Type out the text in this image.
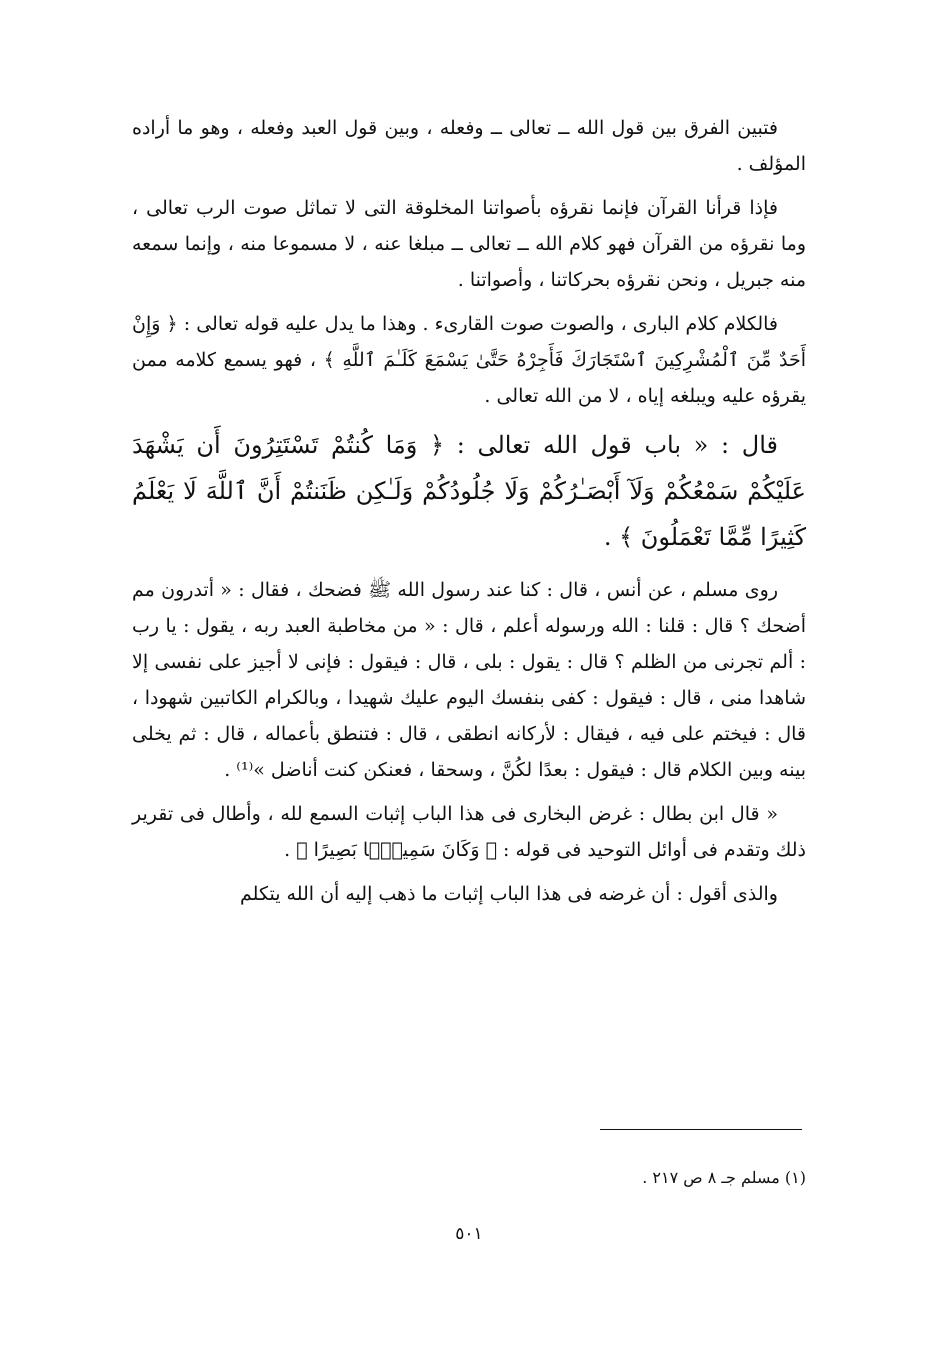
فتبين الفرق بين قول الله ــ تعالى ــ وفعله ، وبين قول العبد وفعله ، وهو ما أراده المؤلف .

فإذا قرأنا القرآن فإنما نقرؤه بأصواتنا المخلوقة التى لا تماثل صوت الرب تعالى ، وما نقرؤه من القرآن فهو كلام الله ــ تعالى ــ مبلغا عنه ، لا مسموعا منه ، وإنما سمعه منه جبريل ، ونحن نقرؤه بحركاتنا ، وأصواتنا .

فالكلام كلام البارى ، والصوت صوت القارىء . وهذا ما يدل عليه قوله تعالى : ﴿ وَإِنْ أَحَدٌ مِّنَ ٱلْمُشْرِكِينَ ٱسْتَجَارَكَ فَأَجِرْهُ حَتَّىٰ يَسْمَعَ كَلَـٰمَ ٱللَّهِ ﴾ ، فهو يسمع كلامه ممن يقرؤه عليه ويبلغه إياه ، لا من الله تعالى .

قال : « باب قول الله تعالى : ﴿ وَمَا كُنتُمْ تَسْتَتِرُونَ أَن يَشْهَدَ عَلَيْكُمْ سَمْعُكُمْ وَلَآ أَبْصَـٰرُكُمْ وَلَا جُلُودُكُمْ وَلَـٰكِن ظَنَنتُمْ أَنَّ ٱللَّهَ لَا يَعْلَمُ كَثِيرًا مِّمَّا تَعْمَلُونَ ﴾ .

روى مسلم ، عن أنس ، قال : كنا عند رسول الله ﷺ فضحك ، فقال : « أتدرون مم أضحك ؟ قال : قلنا : الله ورسوله أعلم ، قال : « من مخاطبة العبد ربه ، يقول : يا رب : ألم تجرنى من الظلم ؟ قال : يقول : بلى ، قال : فيقول : فإنى لا أجيز على نفسى إلا شاهدا منى ، قال : فيقول : كفى بنفسك اليوم عليك شهيدا ، وبالكرام الكاتبين شهودا ، قال : فيختم على فيه ، فيقال : لأركانه انطقى ، قال : فتنطق بأعماله ، قال : ثم يخلى بينه وبين الكلام قال : فيقول : بعدًا لكُنَّ ، وسحقا ، فعنكن كنت أناضل »⁽¹⁾ .

« قال ابن بطال : غرض البخارى فى هذا الباب إثبات السمع لله ، وأطال فى تقرير ذلك وتقدم فى أوائل التوحيد فى قوله : ﴿ وَكَانَ سَمِيعًۢا بَصِيرًا ﴾ .

والذى أقول : أن غرضه فى هذا الباب إثبات ما ذهب إليه أن الله يتكلم

(١) مسلم جـ ٨ ص ٢١٧ .
٥٠١
